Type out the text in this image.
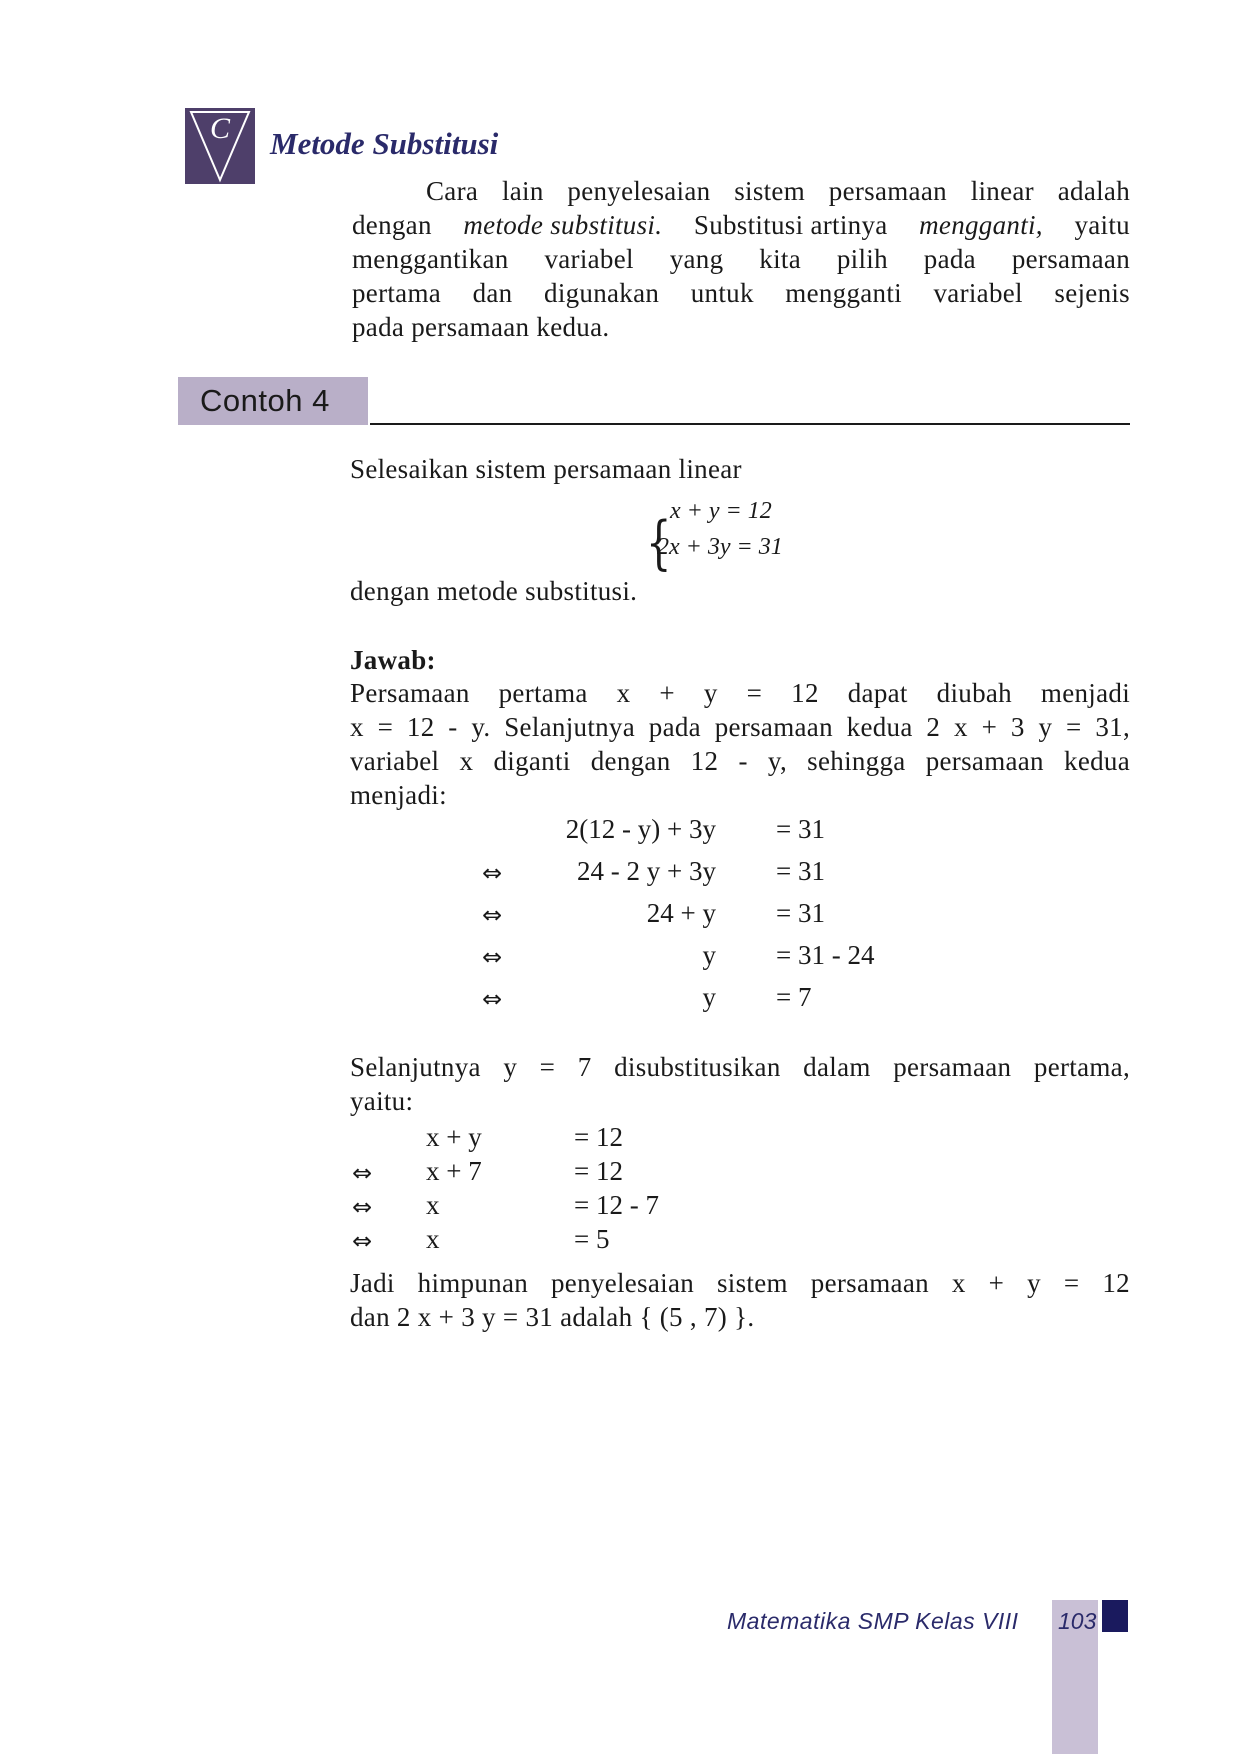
C	Metode Substitusi
Cara lain penyelesaian sistem persamaan linear adalah
dengan metode substitusi. Substitusi artinya mengganti, yaitu
menggantikan variabel yang kita pilih pada persamaan
pertama dan digunakan untuk mengganti variabel sejenis
pada persamaan kedua.
Contoh 4
Selesaikan sistem persamaan linear
{
x + y = 12
2x + 3y = 31
dengan metode substitusi.
Jawab:
Persamaan pertama x + y = 12 dapat diubah menjadi
x = 12 - y. Selanjutnya pada persamaan kedua 2 x + 3 y = 31,
variabel x diganti dengan 12 - y, sehingga persamaan kedua
menjadi:
2(12 - y) + 3y = 31
⇔	24 - 2 y + 3y = 31
⇔	24 + y = 31
⇔	y = 31 - 24
⇔	y = 7
Selanjutnya y = 7 disubstitusikan dalam persamaan pertama,
yaitu:
x + y	= 12
⇔ x + 7	= 12
⇔ x	= 12 - 7
⇔ x	= 5
Jadi himpunan penyelesaian sistem persamaan x + y = 12
dan 2 x + 3 y = 31 adalah { (5 , 7) }.
Matematika SMP Kelas VIII 103
